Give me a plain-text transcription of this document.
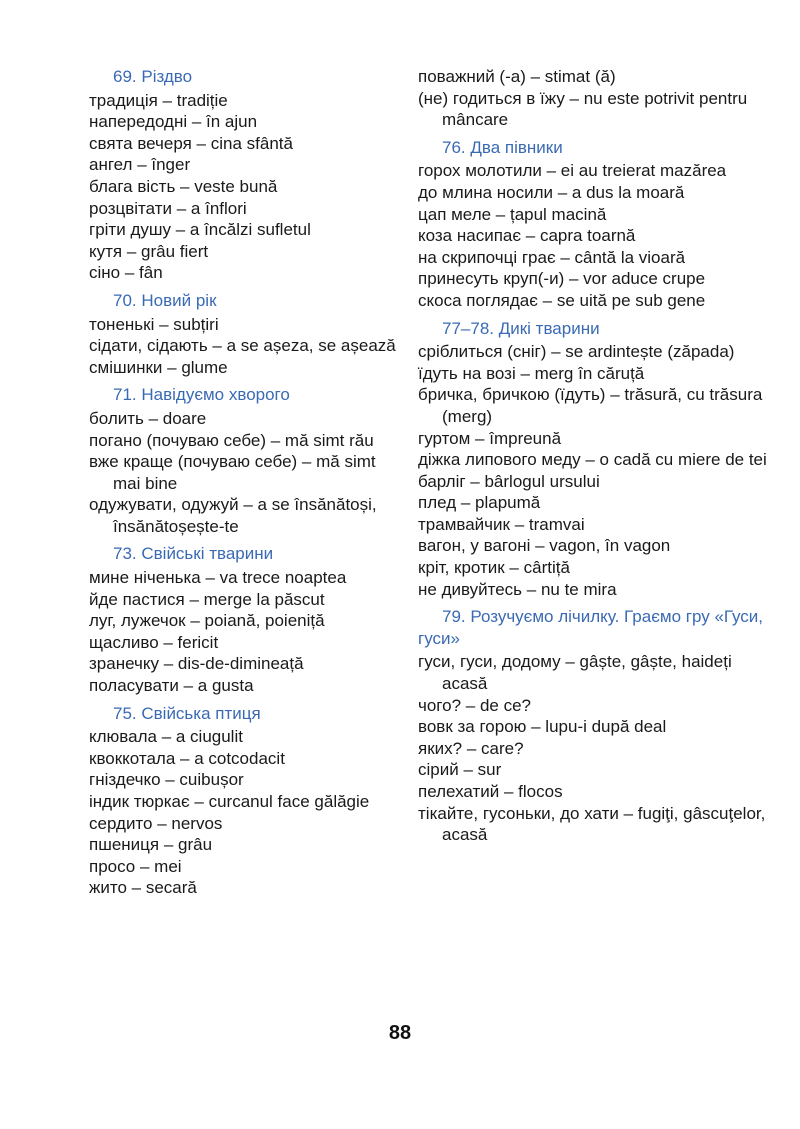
69. Різдво
традиція – tradiție
напередодні – în ajun
свята вечеря – cina sfântă
ангел – înger
блага вість – veste bună
розцвітати – a înflori
гріти душу – a încălzi sufletul
кутя – grâu fiert
сіно – fân
70. Новий рік
тоненькі – subțiri
сідати, сідають – a se așeza, se așează
смішинки – glume
71. Навідуємо хворого
болить – doare
погано (почуваю себе) – mă simt rău
вже краще (почуваю себе) – mă simt mai bine
одужувати, одужуй – a se însănătoși, însănătoșește-te
73. Свійські тварини
мине ніченька – va trece noaptea
йде пастися – merge la păscut
луг, лужечок – poiană, poieniță
щасливо – fericit
зранечку – dis-de-dimineață
поласувати – a gusta
75. Свійська птиця
клювала – a ciugulit
квоккотала – a cotcodacit
гніздечко – cuibușor
індик тюркає – curcanul face gălăgie
сердито – nervos
пшениця – grâu
просо – mei
жито – secară
поважний (-а) – stimat (ă)
(не) годиться в їжу – nu este potrivit pentru mâncare
76. Два півники
горох молотили – ei au treierat mazărea
до млина носили – a dus la moară
цап меле – țapul macină
коза насипає – capra toarnă
на скрипочці грає – cântă la vioară
принесуть круп(-и) – vor aduce crupe
скоса поглядає – se uită pe sub gene
77–78. Дикі тварини
сріблиться (сніг) – se ardintește (zăpada)
їдуть на возі – merg în căruță
бричка, бричкою (їдуть) – trăsură, cu trăsura (merg)
гуртом – împreună
діжка липового меду – o cadă cu miere de tei
барліг – bârlogul ursului
плед – plapumă
трамвайчик – tramvai
вагон, у вагоні – vagon, în vagon
кріт, кротик – cârtiță
не дивуйтесь – nu te mira
79. Розучуємо лічилку. Граємо гру «Гуси, гуси»
гуси, гуси, додому – gâște, gâște, haideți acasă
чого? – de ce?
вовк за горою – lupu-i după deal
яких? – care?
сірий – sur
пелехатий – flocos
тікайте, гусоньки, до хати – fugiţi, gâscuţelor, acasă
88
